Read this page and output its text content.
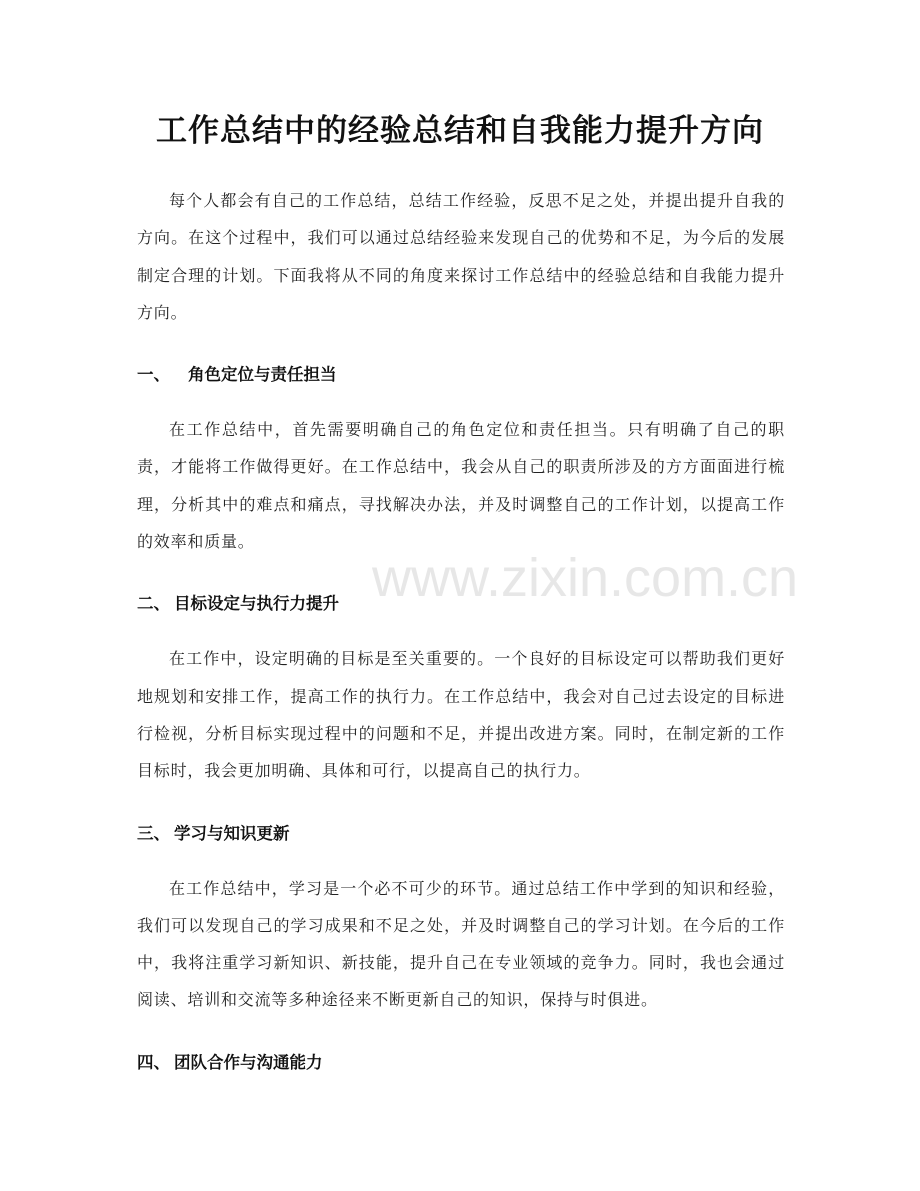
工作总结中的经验总结和自我能力提升方向

每个人都会有自己的工作总结，总结工作经验，反思不足之处，并提出提升自我的方向。在这个过程中，我们可以通过总结经验来发现自己的优势和不足，为今后的发展制定合理的计划。下面我将从不同的角度来探讨工作总结中的经验总结和自我能力提升方向。

一、 角色定位与责任担当

在工作总结中，首先需要明确自己的角色定位和责任担当。只有明确了自己的职责，才能将工作做得更好。在工作总结中，我会从自己的职责所涉及的方方面面进行梳理，分析其中的难点和痛点，寻找解决办法，并及时调整自己的工作计划，以提高工作的效率和质量。

二、 目标设定与执行力提升

在工作中，设定明确的目标是至关重要的。一个良好的目标设定可以帮助我们更好地规划和安排工作，提高工作的执行力。在工作总结中，我会对自己过去设定的目标进行检视，分析目标实现过程中的问题和不足，并提出改进方案。同时，在制定新的工作目标时，我会更加明确、具体和可行，以提高自己的执行力。

三、 学习与知识更新

在工作总结中，学习是一个必不可少的环节。通过总结工作中学到的知识和经验，我们可以发现自己的学习成果和不足之处，并及时调整自己的学习计划。在今后的工作中，我将注重学习新知识、新技能，提升自己在专业领域的竞争力。同时，我也会通过阅读、培训和交流等多种途径来不断更新自己的知识，保持与时俱进。

四、 团队合作与沟通能力
www.zixin.com.cn
